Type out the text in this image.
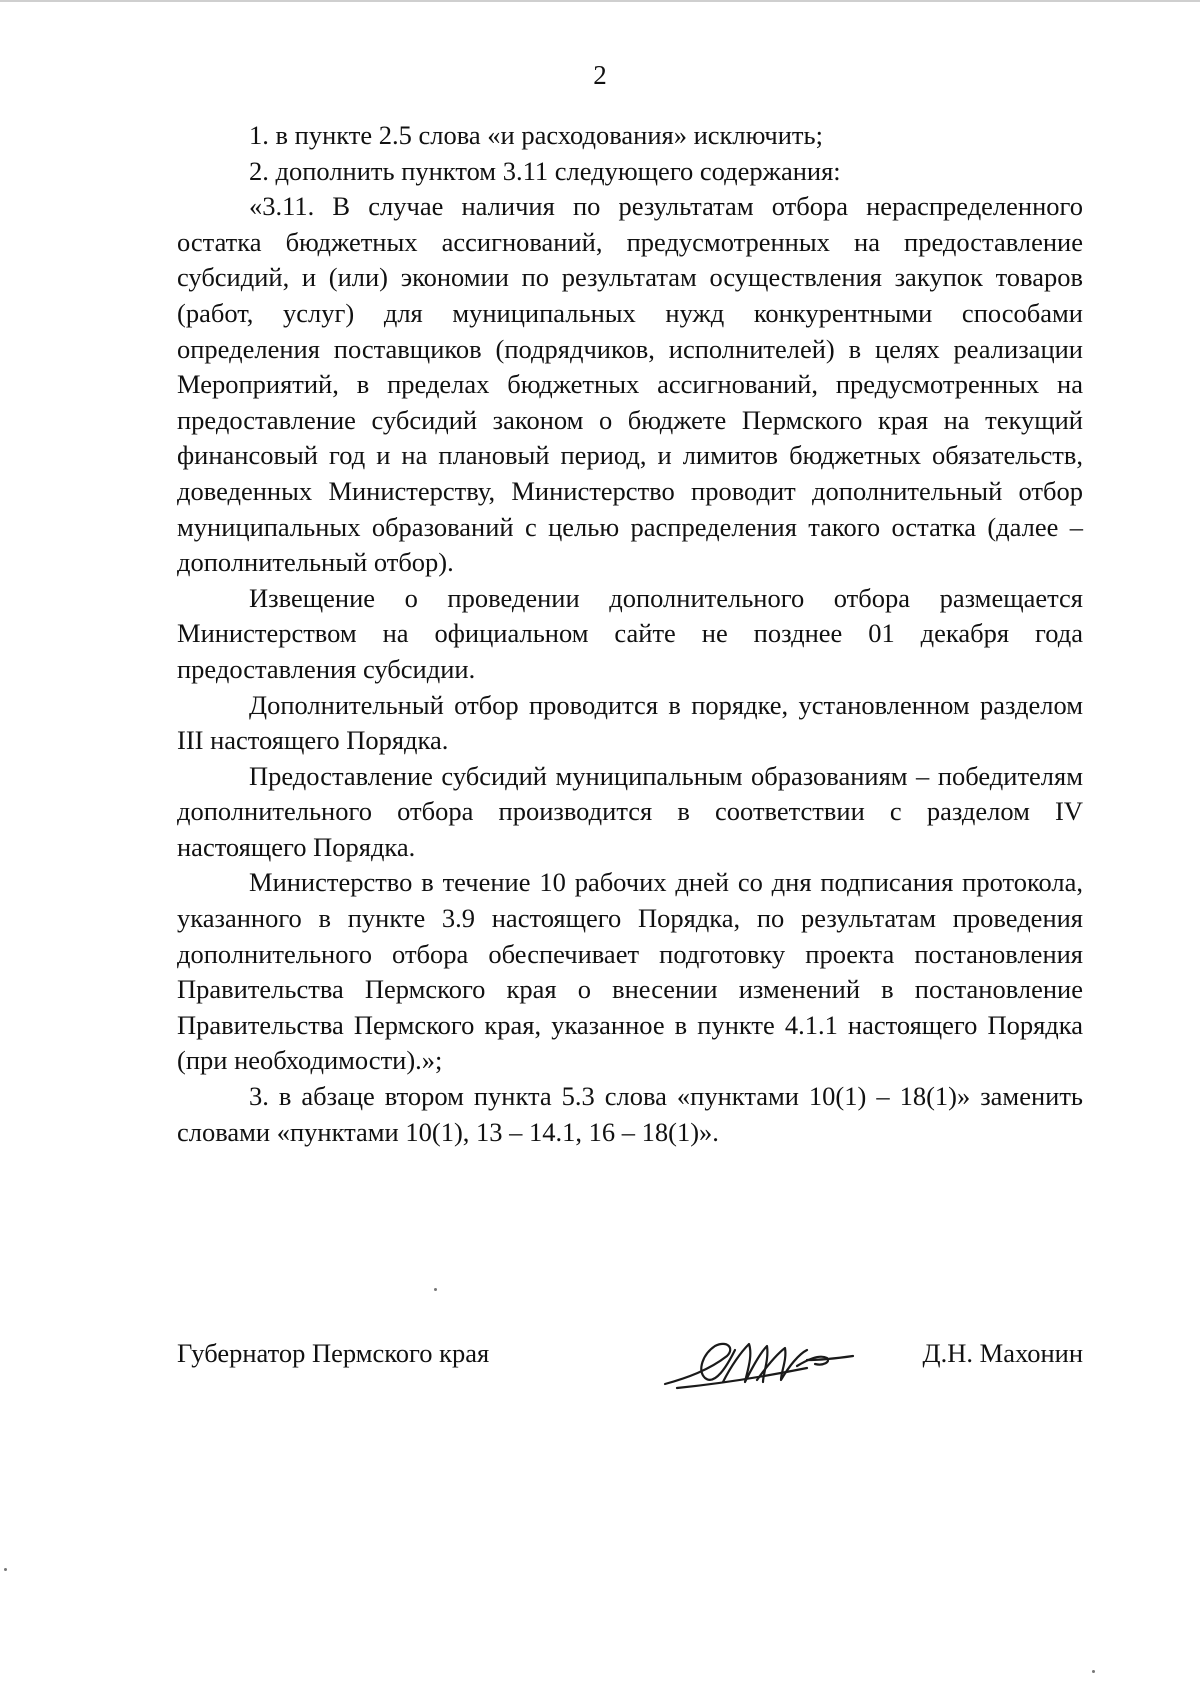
2

1. в пункте 2.5 слова «и расходования» исключить;

2. дополнить пунктом 3.11 следующего содержания:

«3.11. В случае наличия по результатам отбора нераспределенного остатка бюджетных ассигнований, предусмотренных на предоставление субсидий, и (или) экономии по результатам осуществления закупок товаров (работ, услуг) для муниципальных нужд конкурентными способами определения поставщиков (подрядчиков, исполнителей) в целях реализации Мероприятий, в пределах бюджетных ассигнований, предусмотренных на предоставление субсидий законом о бюджете Пермского края на текущий финансовый год и на плановый период, и лимитов бюджетных обязательств, доведенных Министерству, Министерство проводит дополнительный отбор муниципальных образований с целью распределения такого остатка (далее – дополнительный отбор).

Извещение о проведении дополнительного отбора размещается Министерством на официальном сайте не позднее 01 декабря года предоставления субсидии.

Дополнительный отбор проводится в порядке, установленном разделом III настоящего Порядка.

Предоставление субсидий муниципальным образованиям – победителям дополнительного отбора производится в соответствии с разделом IV настоящего Порядка.

Министерство в течение 10 рабочих дней со дня подписания протокола, указанного в пункте 3.9 настоящего Порядка, по результатам проведения дополнительного отбора обеспечивает подготовку проекта постановления Правительства Пермского края о внесении изменений в постановление Правительства Пермского края, указанное в пункте 4.1.1 настоящего Порядка (при необходимости).»;

3. в абзаце втором пункта 5.3 слова «пунктами 10(1) – 18(1)» заменить словами «пунктами 10(1), 13 – 14.1, 16 – 18(1)».

Губернатор Пермского края	Д.Н. Махонин
